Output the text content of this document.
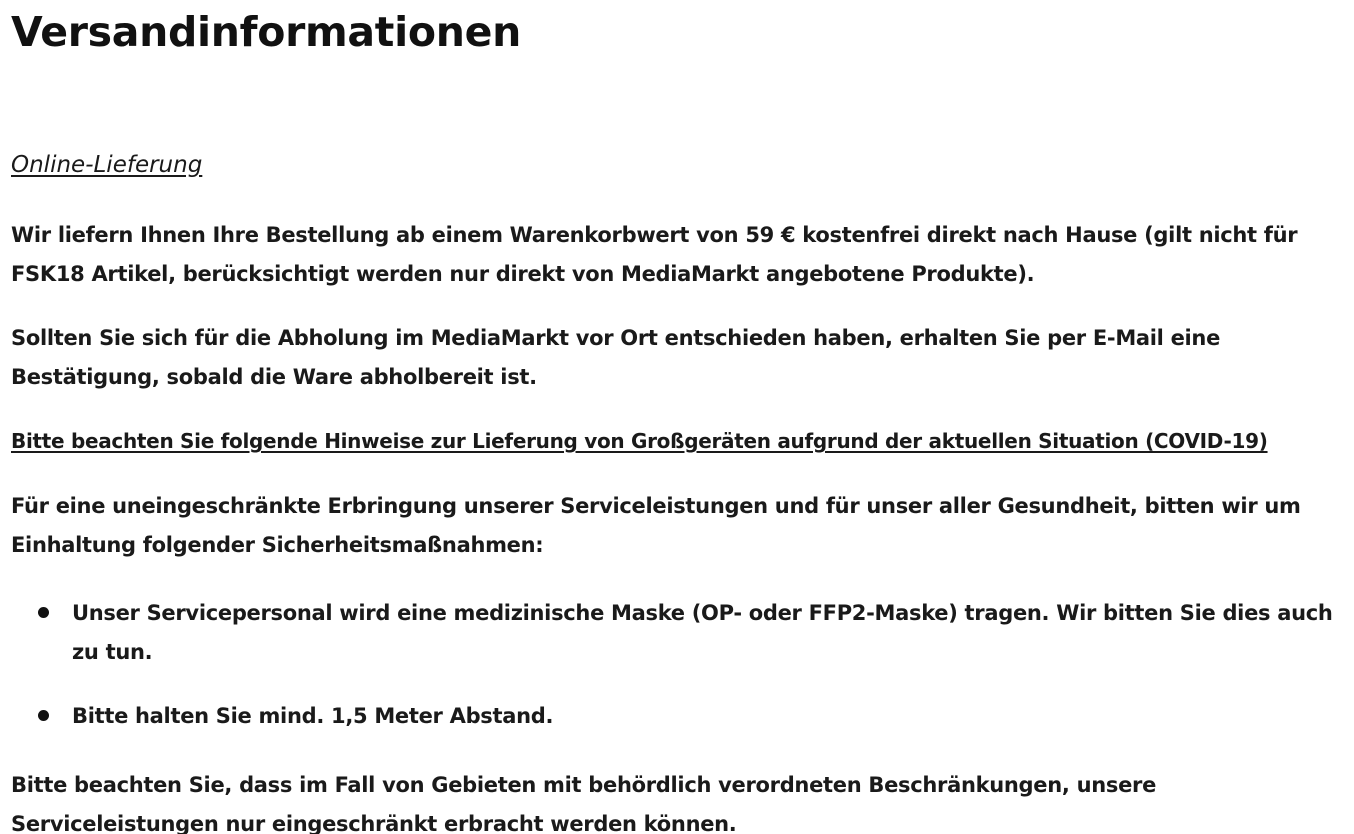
Versandinformationen
Online-Lieferung

Wir liefern Ihnen Ihre Bestellung ab einem Warenkorbwert von 59 € kostenfrei direkt nach Hause (gilt nicht für FSK18 Artikel, berücksichtigt werden nur direkt von MediaMarkt angebotene Produkte).

Sollten Sie sich für die Abholung im MediaMarkt vor Ort entschieden haben, erhalten Sie per E-Mail eine Bestätigung, sobald die Ware abholbereit ist.

Bitte beachten Sie folgende Hinweise zur Lieferung von Großgeräten aufgrund der aktuellen Situation (COVID-19)

Für eine uneingeschränkte Erbringung unserer Serviceleistungen und für unser aller Gesundheit, bitten wir um Einhaltung folgender Sicherheitsmaßnahmen:

Unser Servicepersonal wird eine medizinische Maske (OP- oder FFP2-Maske) tragen. Wir bitten Sie dies auch zu tun.
Bitte halten Sie mind. 1,5 Meter Abstand.

Bitte beachten Sie, dass im Fall von Gebieten mit behördlich verordneten Beschränkungen, unsere Serviceleistungen nur eingeschränkt erbracht werden können.
